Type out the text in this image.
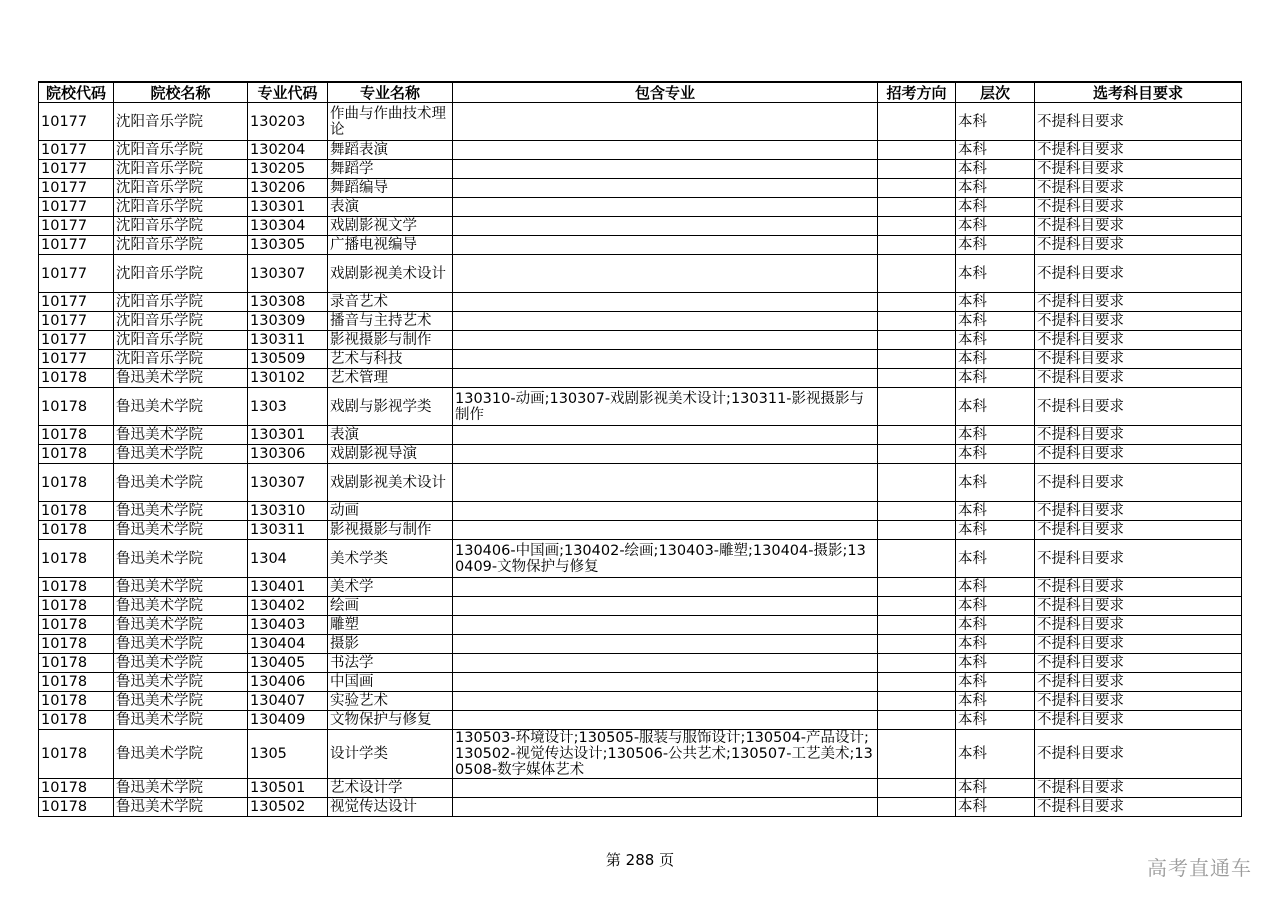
院校代码	院校名称	专业代码	专业名称	包含专业	招考方向	层次	选考科目要求
10177	沈阳音乐学院	130203	作曲与作曲技术理论			本科	不提科目要求
10177	沈阳音乐学院	130204	舞蹈表演			本科	不提科目要求
10177	沈阳音乐学院	130205	舞蹈学			本科	不提科目要求
10177	沈阳音乐学院	130206	舞蹈编导			本科	不提科目要求
10177	沈阳音乐学院	130301	表演			本科	不提科目要求
10177	沈阳音乐学院	130304	戏剧影视文学			本科	不提科目要求
10177	沈阳音乐学院	130305	广播电视编导			本科	不提科目要求
10177	沈阳音乐学院	130307	戏剧影视美术设计			本科	不提科目要求
10177	沈阳音乐学院	130308	录音艺术			本科	不提科目要求
10177	沈阳音乐学院	130309	播音与主持艺术			本科	不提科目要求
10177	沈阳音乐学院	130311	影视摄影与制作			本科	不提科目要求
10177	沈阳音乐学院	130509	艺术与科技			本科	不提科目要求
10178	鲁迅美术学院	130102	艺术管理			本科	不提科目要求
10178	鲁迅美术学院	1303	戏剧与影视学类	130310-动画;130307-戏剧影视美术设计;130311-影视摄影与制作		本科	不提科目要求
10178	鲁迅美术学院	130301	表演			本科	不提科目要求
10178	鲁迅美术学院	130306	戏剧影视导演			本科	不提科目要求
10178	鲁迅美术学院	130307	戏剧影视美术设计			本科	不提科目要求
10178	鲁迅美术学院	130310	动画			本科	不提科目要求
10178	鲁迅美术学院	130311	影视摄影与制作			本科	不提科目要求
10178	鲁迅美术学院	1304	美术学类	130406-中国画;130402-绘画;130403-雕塑;130404-摄影;130409-文物保护与修复		本科	不提科目要求
10178	鲁迅美术学院	130401	美术学			本科	不提科目要求
10178	鲁迅美术学院	130402	绘画			本科	不提科目要求
10178	鲁迅美术学院	130403	雕塑			本科	不提科目要求
10178	鲁迅美术学院	130404	摄影			本科	不提科目要求
10178	鲁迅美术学院	130405	书法学			本科	不提科目要求
10178	鲁迅美术学院	130406	中国画			本科	不提科目要求
10178	鲁迅美术学院	130407	实验艺术			本科	不提科目要求
10178	鲁迅美术学院	130409	文物保护与修复			本科	不提科目要求
10178	鲁迅美术学院	1305	设计学类	130503-环境设计;130505-服装与服饰设计;130504-产品设计;130502-视觉传达设计;130506-公共艺术;130507-工艺美术;130508-数字媒体艺术		本科	不提科目要求
10178	鲁迅美术学院	130501	艺术设计学			本科	不提科目要求
10178	鲁迅美术学院	130502	视觉传达设计			本科	不提科目要求
第 288 页	高考直通车
